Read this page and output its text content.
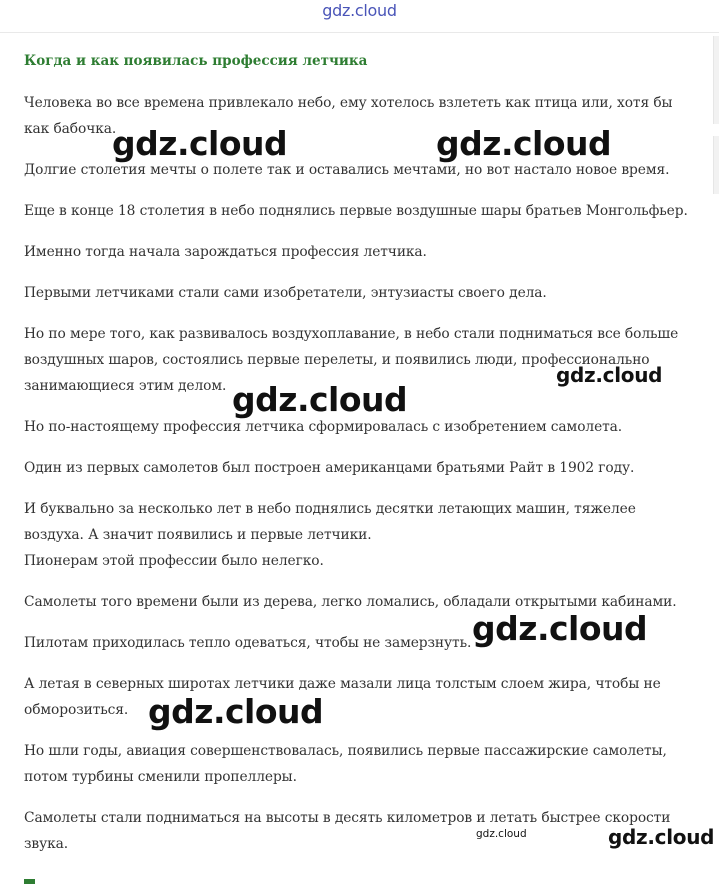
gdz.cloud
Когда и как появилась профессия летчика

Человека во все времена привлекало небо, ему хотелось взлететь как птица или, хотя бы
как бабочка.

Долгие столетия мечты о полете так и оставались мечтами, но вот настало новое время.

Еще в конце 18 столетия в небо поднялись первые воздушные шары братьев Монгольфьер.

Именно тогда начала зарождаться профессия летчика.

Первыми летчиками стали сами изобретатели, энтузиасты своего дела.

Но по мере того, как развивалось воздухоплавание, в небо стали подниматься все больше
воздушных шаров, состоялись первые перелеты, и появились люди, профессионально
занимающиеся этим делом.

Но по-настоящему профессия летчика сформировалась с изобретением самолета.

Один из первых самолетов был построен американцами братьями Райт в 1902 году.

И буквально за несколько лет в небо поднялись десятки летающих машин, тяжелее
воздуха. А значит появились и первые летчики.
Пионерам этой профессии было нелегко.

Самолеты того времени были из дерева, легко ломались, обладали открытыми кабинами.

Пилотам приходилась тепло одеваться, чтобы не замерзнуть.

А летая в северных широтах летчики даже мазали лица толстым слоем жира, чтобы не
обморозиться.

Но шли годы, авиация совершенствовалась, появились первые пассажирские самолеты,
потом турбины сменили пропеллеры.

Самолеты стали подниматься на высоты в десять километров и летать быстрее скорости
звука.

gdz.cloud	gdz.cloud
gdz.cloud
gdz.cloud
gdz.cloud
gdz.cloud
gdz.cloud	gdz.cloud
